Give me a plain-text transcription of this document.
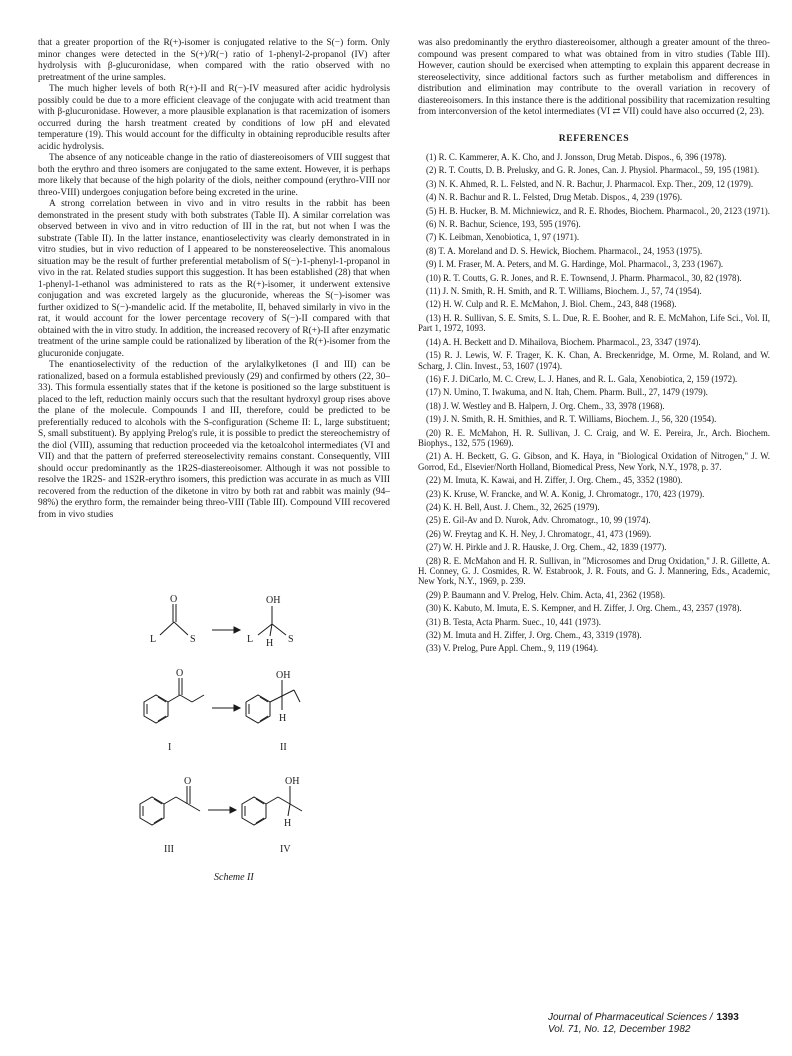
that a greater proportion of the R(+)-isomer is conjugated relative to the S(−) form. Only minor changes were detected in the S(+)/R(−) ratio of 1-phenyl-2-propanol (IV) after hydrolysis with β-glucuronidase, when compared with the ratio observed with no pretreatment of the urine samples.

The much higher levels of both R(+)-II and R(−)-IV measured after acidic hydrolysis possibly could be due to a more efficient cleavage of the conjugate with acid treatment than with β-glucuronidase. However, a more plausible explanation is that racemization of isomers occurred during the harsh treatment created by conditions of low pH and elevated temperature (19). This would account for the difficulty in obtaining reproducible results after acidic hydrolysis.

The absence of any noticeable change in the ratio of diastereoisomers of VIII suggest that both the erythro and threo isomers are conjugated to the same extent. However, it is perhaps more likely that because of the high polarity of the diols, neither compound (erythro-VIII nor threo-VIII) undergoes conjugation before being excreted in the urine.

A strong correlation between in vivo and in vitro results in the rabbit has been demonstrated in the present study with both substrates (Table II). A similar correlation was observed between in vivo and in vitro reduction of III in the rat, but not when I was the substrate (Table II). In the latter instance, enantioselectivity was clearly demonstrated in in vitro studies, but in vivo reduction of I appeared to be nonstereoselective. This anomalous situation may be the result of further preferential metabolism of S(−)-1-phenyl-1-propanol in vivo in the rat. Related studies support this suggestion. It has been established (28) that when 1-phenyl-1-ethanol was administered to rats as the R(+)-isomer, it underwent extensive conjugation and was excreted largely as the glucuronide, whereas the S(−)-isomer was further oxidized to S(−)-mandelic acid. If the metabolite, II, behaved similarly in vivo in the rat, it would account for the lower percentage recovery of S(−)-II compared with that obtained with the in vitro study. In addition, the increased recovery of R(+)-II after enzymatic treatment of the urine sample could be rationalized by liberation of the R(+)-isomer from the glucuronide conjugate.

The enantioselectivity of the reduction of the arylalkylketones (I and III) can be rationalized, based on a formula established previously (29) and confirmed by others (22, 30–33). This formula essentially states that if the ketone is positioned so the large substituent is placed to the left, reduction mainly occurs such that the resultant hydroxyl group rises above the plane of the molecule. Compounds I and III, therefore, could be predicted to be preferentially reduced to alcohols with the S-configuration (Scheme II: L, large substituent; S, small substituent). By applying Prelog's rule, it is possible to predict the stereochemistry of the diol (VIII), assuming that reduction proceeded via the ketoalcohol intermediates (VI and VII) and that the pattern of preferred stereoselectivity remains constant. Consequently, VIII should occur predominantly as the 1R2S-diastereoisomer. Although it was not possible to resolve the 1R2S- and 1S2R-erythro isomers, this prediction was accurate in as much as VIII recovered from the reduction of the diketone in vitro by both rat and rabbit was mainly (94–98%) the erythro form, the remainder being threo-VIII (Table III). Compound VIII recovered from in vivo studies

O
L	S
OH
L H S
O
I
OH
H
II
O
III
OH
H
IV
Scheme II

was also predominantly the erythro diastereoisomer, although a greater amount of the threo-compound was present compared to what was obtained from in vitro studies (Table III). However, caution should be exercised when attempting to explain this apparent decrease in stereoselectivity, since additional factors such as further metabolism and differences in distribution and elimination may contribute to the overall variation in recovery of diastereoisomers. In this instance there is the additional possibility that racemization resulting from interconversion of the ketol intermediates (VI ⇄ VII) could have also occurred (2, 23).

REFERENCES

(1) R. C. Kammerer, A. K. Cho, and J. Jonsson, Drug Metab. Dispos., 6, 396 (1978).

(2) R. T. Coutts, D. B. Prelusky, and G. R. Jones, Can. J. Physiol. Pharmacol., 59, 195 (1981).

(3) N. K. Ahmed, R. L. Felsted, and N. R. Bachur, J. Pharmacol. Exp. Ther., 209, 12 (1979).

(4) N. R. Bachur and R. L. Felsted, Drug Metab. Dispos., 4, 239 (1976).

(5) H. B. Hucker, B. M. Michniewicz, and R. E. Rhodes, Biochem. Pharmacol., 20, 2123 (1971).

(6) N. R. Bachur, Science, 193, 595 (1976).

(7) K. Leibman, Xenobiotica, 1, 97 (1971).

(8) T. A. Moreland and D. S. Hewick, Biochem. Pharmacol., 24, 1953 (1975).

(9) I. M. Fraser, M. A. Peters, and M. G. Hardinge, Mol. Pharmacol., 3, 233 (1967).

(10) R. T. Coutts, G. R. Jones, and R. E. Townsend, J. Pharm. Pharmacol., 30, 82 (1978).

(11) J. N. Smith, R. H. Smith, and R. T. Williams, Biochem. J., 57, 74 (1954).

(12) H. W. Culp and R. E. McMahon, J. Biol. Chem., 243, 848 (1968).

(13) H. R. Sullivan, S. E. Smits, S. L. Due, R. E. Booher, and R. E. McMahon, Life Sci., Vol. II, Part 1, 1972, 1093.

(14) A. H. Beckett and D. Mihailova, Biochem. Pharmacol., 23, 3347 (1974).

(15) R. J. Lewis, W. F. Trager, K. K. Chan, A. Breckenridge, M. Orme, M. Roland, and W. Scharg, J. Clin. Invest., 53, 1607 (1974).

(16) F. J. DiCarlo, M. C. Crew, L. J. Hanes, and R. L. Gala, Xenobiotica, 2, 159 (1972).

(17) N. Umino, T. Iwakuma, and N. Itah, Chem. Pharm. Bull., 27, 1479 (1979).

(18) J. W. Westley and B. Halpern, J. Org. Chem., 33, 3978 (1968).

(19) J. N. Smith, R. H. Smithies, and R. T. Williams, Biochem. J., 56, 320 (1954).

(20) R. E. McMahon, H. R. Sullivan, J. C. Craig, and W. E. Pereira, Jr., Arch. Biochem. Biophys., 132, 575 (1969).

(21) A. H. Beckett, G. G. Gibson, and K. Haya, in "Biological Oxidation of Nitrogen," J. W. Gorrod, Ed., Elsevier/North Holland, Biomedical Press, New York, N.Y., 1978, p. 37.

(22) M. Imuta, K. Kawai, and H. Ziffer, J. Org. Chem., 45, 3352 (1980).

(23) K. Kruse, W. Francke, and W. A. Konig, J. Chromatogr., 170, 423 (1979).

(24) K. H. Bell, Aust. J. Chem., 32, 2625 (1979).

(25) E. Gil-Av and D. Nurok, Adv. Chromatogr., 10, 99 (1974).

(26) W. Freytag and K. H. Ney, J. Chromatogr., 41, 473 (1969).

(27) W. H. Pirkle and J. R. Hauske, J. Org. Chem., 42, 1839 (1977).

(28) R. E. McMahon and H. R. Sullivan, in "Microsomes and Drug Oxidation," J. R. Gillette, A. H. Conney, G. J. Cosmides, R. W. Estabrook, J. R. Fouts, and G. J. Mannering, Eds., Academic, New York, N.Y., 1969, p. 239.

(29) P. Baumann and V. Prelog, Helv. Chim. Acta, 41, 2362 (1958).

(30) K. Kabuto, M. Imuta, E. S. Kempner, and H. Ziffer, J. Org. Chem., 43, 2357 (1978).

(31) B. Testa, Acta Pharm. Suec., 10, 441 (1973).

(32) M. Imuta and H. Ziffer, J. Org. Chem., 43, 3319 (1978).

(33) V. Prelog, Pure Appl. Chem., 9, 119 (1964).

Journal of Pharmaceutical Sciences / 1393
Vol. 71, No. 12, December 1982
